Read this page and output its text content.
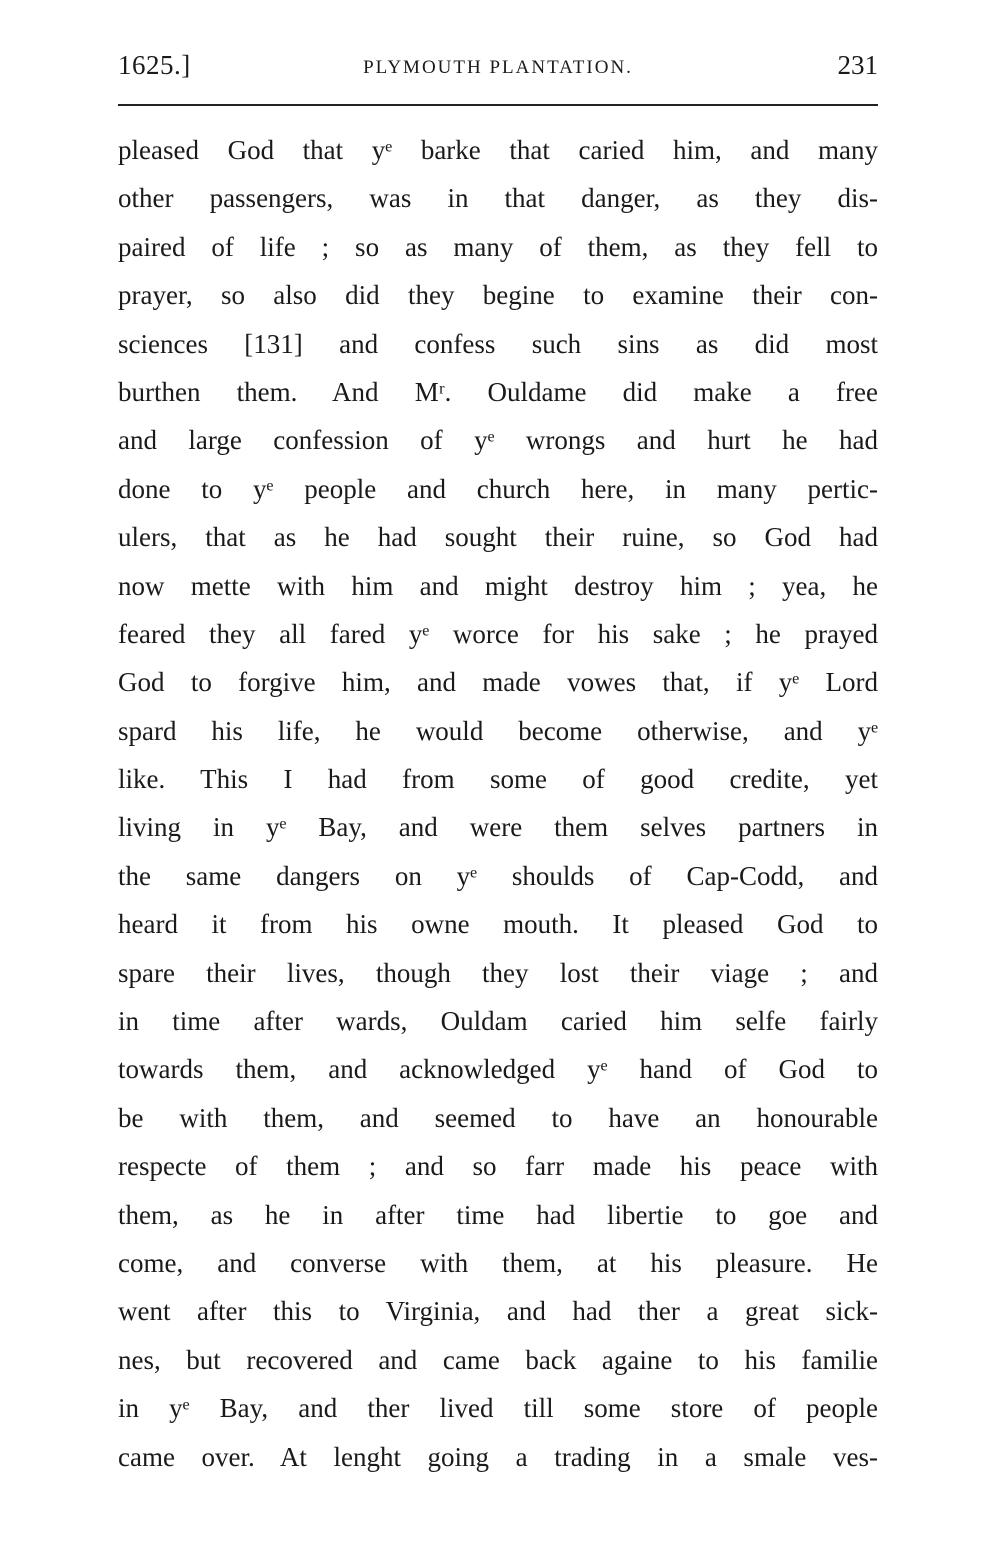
1625.]	PLYMOUTH PLANTATION.	231
pleased God that yᵉ barke that caried him, and many
other passengers, was in that danger, as they dis-
paired of life ; so as many of them, as they fell to
prayer, so also did they begine to examine their con-
sciences [131] and confess such sins as did most
burthen them. And Mʳ. Ouldame did make a free
and large confession of yᵉ wrongs and hurt he had
done to yᵉ people and church here, in many pertic-
ulers, that as he had sought their ruine, so God had
now mette with him and might destroy him ; yea, he
feared they all fared yᵉ worce for his sake ; he prayed
God to forgive him, and made vowes that, if yᵉ Lord
spard his life, he would become otherwise, and yᵉ
like. This I had from some of good credite, yet
living in yᵉ Bay, and were them selves partners in
the same dangers on yᵉ shoulds of Cap-Codd, and
heard it from his owne mouth. It pleased God to
spare their lives, though they lost their viage ; and
in time after wards, Ouldam caried him selfe fairly
towards them, and acknowledged yᵉ hand of God to
be with them, and seemed to have an honourable
respecte of them ; and so farr made his peace with
them, as he in after time had libertie to goe and
come, and converse with them, at his pleasure. He
went after this to Virginia, and had ther a great sick-
nes, but recovered and came back againe to his familie
in yᵉ Bay, and ther lived till some store of people
came over. At lenght going a trading in a smale ves-
